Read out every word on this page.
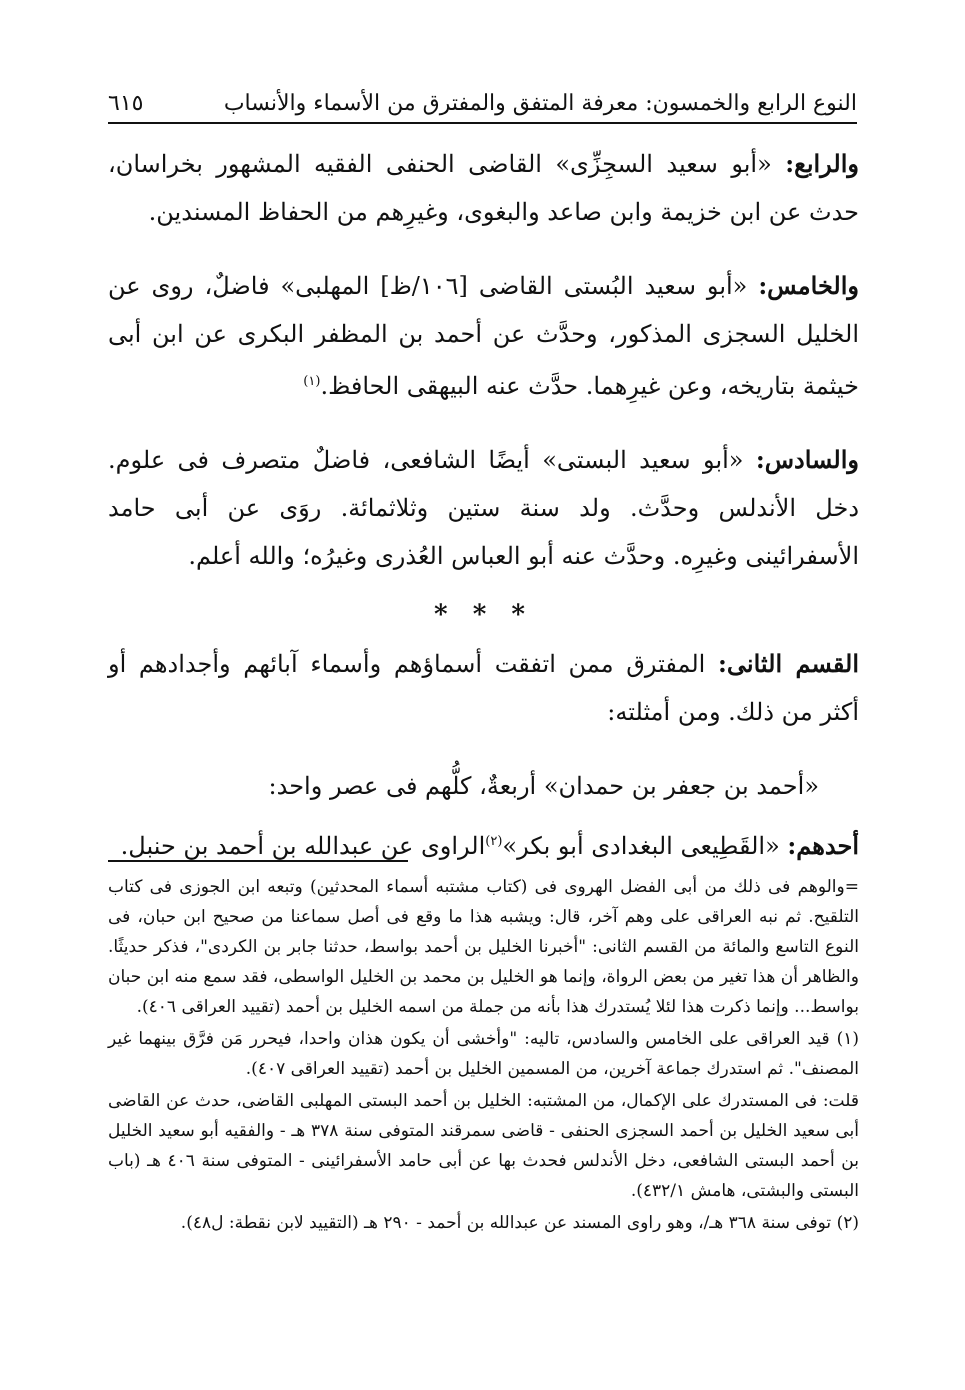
النوع الرابع والخمسون: معرفة المتفق والمفترق من الأسماء والأنساب
٦١٥

والرابع: «أبو سعيد السجِزِّى» القاضى الحنفى الفقيه المشهور بخراسان، حدث عن ابن خزيمة وابن صاعد والبغوى، وغيرِهم من الحفاظ المسندين.

والخامس: «أبو سعيد البُستى القاضى [١٠٦/ظ] المهلبى» فاضلٌ، روى عن الخليل السجزى المذكور، وحدَّث عن أحمد بن المظفر البكرى عن ابن أبى خيثمة بتاريخه، وعن غيرِهما. حدَّث عنه البيهقى الحافظ.$^{(١)}$

والسادس: «أبو سعيد البستى» أيضًا الشافعى، فاضلٌ متصرف فى علوم. دخل الأندلس وحدَّث. ولد سنة ستين وثلاثمائة. روَى عن أبى حامد الأسفرائينى وغيرِه. وحدَّث عنه أبو العباس العُذرى وغيرُه؛ والله أعلم.

* * *

القسم الثانى: المفترق ممن اتفقت أسماؤهم وأسماء آبائهم وأجدادهم أو أكثر من ذلك. ومن أمثلته:

«أحمد بن جعفر بن حمدان» أربعةٌ، كلُّهم فى عصر واحد:

أحدهم: «القَطِيعى البغدادى أبو بكر»$^{(٢)}$الراوى عن عبدالله بن أحمد بن حنبل.

=والوهم فى ذلك من أبى الفضل الهروى فى (كتاب مشتبه أسماء المحدثين) وتبعه ابن الجوزى فى كتاب التلقيح. ثم نبه العراقى على وهم آخر، قال: ويشبه هذا ما وقع فى أصل سماعنا من صحيح ابن حبان، فى النوع التاسع والمائة من القسم الثانى: "أخبرنا الخليل بن أحمد بواسط، حدثنا جابر بن الكردى"، فذكر حديثًا. والظاهر أن هذا تغير من بعض الرواة، وإنما هو الخليل بن محمد بن الخليل الواسطى، فقد سمع منه ابن حبان بواسط... وإنما ذكرت هذا لئلا يُستدرك هذا بأنه من جملة من اسمه الخليل بن أحمد (تقييد العراقى ٤٠٦).

(١) قيد العراقى على الخامس والسادس، تاليه: "وأخشى أن يكون هذان واحدا، فيحرر مَن فرَّق بينهما غير المصنف". ثم استدرك جماعة آخرين، من المسمين الخليل بن أحمد (تقييد العراقى ٤٠٧).

قلت: فى المستدرك على الإكمال، من المشتبه: الخليل بن أحمد البستى المهلبى القاضى، حدث عن القاضى أبى سعيد الخليل بن أحمد السجزى الحنفى - قاضى سمرقند المتوفى سنة ٣٧٨ هـ - والفقيه أبو سعيد الخليل بن أحمد البستى الشافعى، دخل الأندلس فحدث بها عن أبى حامد الأسفرائينى - المتوفى سنة ٤٠٦ هـ (باب البستى والبشتى، هامش ٤٣٢/١).

(٢) توفى سنة ٣٦٨ هـ/، وهو راوى المسند عن عبدالله بن أحمد - ٢٩٠ هـ (التقييد لابن نقطة: ل٤٨).
